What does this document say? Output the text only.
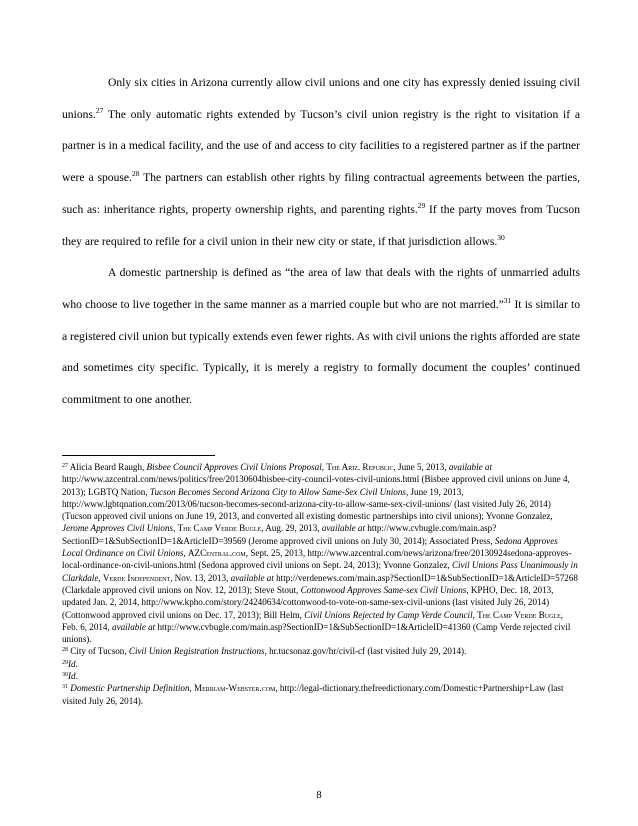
Only six cities in Arizona currently allow civil unions and one city has expressly denied issuing civil unions.$^{27}$ The only automatic rights extended by Tucson’s civil union registry is the right to visitation if a partner is in a medical facility, and the use of and access to city facilities to a registered partner as if the partner were a spouse.$^{28}$ The partners can establish other rights by filing contractual agreements between the parties, such as: inheritance rights, property ownership rights, and parenting rights.$^{29}$ If the party moves from Tucson they are required to refile for a civil union in their new city or state, if that jurisdiction allows.$^{30}$

A domestic partnership is defined as “the area of law that deals with the rights of unmarried adults who choose to live together in the same manner as a married couple but who are not married.”$^{31}$ It is similar to a registered civil union but typically extends even fewer rights. As with civil unions the rights afforded are state and sometimes city specific. Typically, it is merely a registry to formally document the couples’ continued commitment to one another.

$^{27}$ Alicia Beard Raugh, Bisbee Council Approves Civil Unions Proposal, The Ariz. Republic, June 5, 2013, available at http://www.azcentral.com/news/politics/free/20130604bisbee-city-council-votes-civil-unions.html (Bisbee approved civil unions on June 4, 2013); LGBTQ Nation, Tucson Becomes Second Arizona City to Allow Same-Sex Civil Unions, June 19, 2013, http://www.lgbtqnation.com/2013/06/tucson-becomes-second-arizona-city-to-allow-same-sex-civil-unions/ (last visited July 26, 2014) (Tucson approved civil unions on June 19, 2013, and converted all existing domestic partnerships into civil unions); Yvonne Gonzalez, Jerome Approves Civil Unions, The Camp Verde Bugle, Aug. 29, 2013, available at http://www.cvbugle.com/main.asp?SectionID=1&SubSectionID=1&ArticleID=39569 (Jerome approved civil unions on July 30, 2014); Associated Press, Sedona Approves Local Ordinance on Civil Unions, AZCentral.com, Sept. 25, 2013, http://www.azcentral.com/news/arizona/free/20130924sedona-approves-local-ordinance-on-civil-unions.html (Sedona approved civil unions on Sept. 24, 2013); Yvonne Gonzalez, Civil Unions Pass Unanimously in Clarkdale, Verde Independent, Nov. 13, 2013, available at http://verdenews.com/main.asp?SectionID=1&SubSectionID=1&ArticleID=57268 (Clarkdale approved civil unions on Nov. 12, 2013); Steve Stout, Cottonwood Approves Same-sex Civil Unions, KPHO, Dec. 18, 2013, updated Jan. 2, 2014, http://www.kpho.com/story/24240634/cottonwood-to-vote-on-same-sex-civil-unions (last visited July 26, 2014) (Cottonwood approved civil unions on Dec. 17, 2013); Bill Helm, Civil Unions Rejected by Camp Verde Council, The Camp Verde Bugle, Feb. 6, 2014, available at http://www.cvbugle.com/main.asp?SectionID=1&SubSectionID=1&ArticleID=41360 (Camp Verde rejected civil unions).

$^{28}$ City of Tucson, Civil Union Registration Instructions, hr.tucsonaz.gov/hr/civil-cf (last visited July 29, 2014).

$^{29}$Id.

$^{30}$Id.

$^{31}$ Domestic Partnership Definition, Merriam-Webster.com, http://legal-dictionary.thefreedictionary.com/Domestic+Partnership+Law (last visited July 26, 2014).

8
